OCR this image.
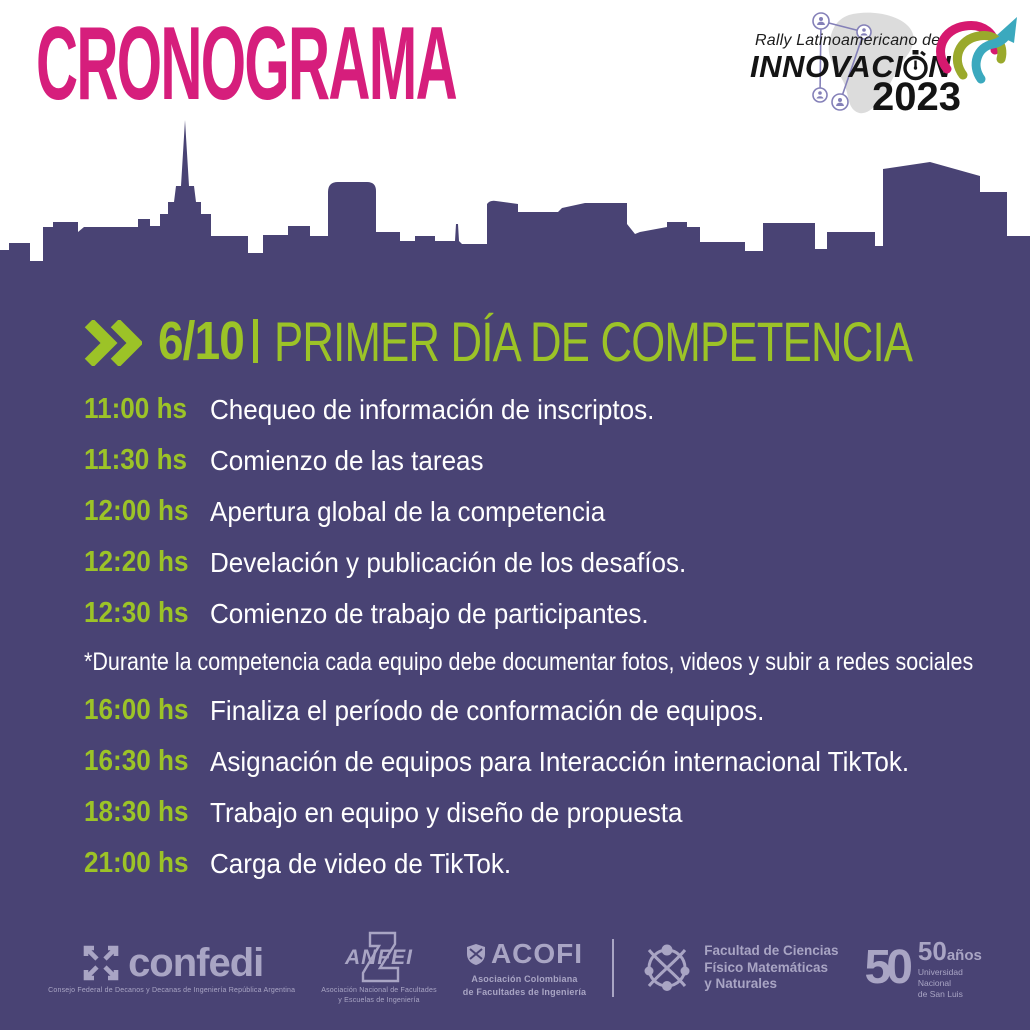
CRONOGRAMA	Rally Latinoamericano de
INNOVACI N
2023
6/10 PRIMER DÍA DE COMPETENCIA
11:00 hs Chequeo de información de inscriptos.
11:30 hs Comienzo de las tareas
12:00 hs Apertura global de la competencia
12:20 hs Develación y publicación de los desafíos.
12:30 hs Comienzo de trabajo de participantes.
*Durante la competencia cada equipo debe documentar fotos, videos y subir a redes sociales
16:00 hs Finaliza el período de conformación de equipos.
16:30 hs Asignación de equipos para Interacción internacional TikTok.
18:30 hs Trabajo en equipo y diseño de propuesta
21:00 hs Carga de video de TikTok.
confedi
Consejo Federal de Decanos y Decanas de Ingeniería República Argentina
ANFEI
Asociación Nacional de Facultades
y Escuelas de Ingeniería
ACOFI
Asociación Colombiana
de Facultades de Ingeniería
Facultad de Ciencias
Físico Matemáticas
y Naturales	50 50 años
Universidad
Nacional
de San Luis
